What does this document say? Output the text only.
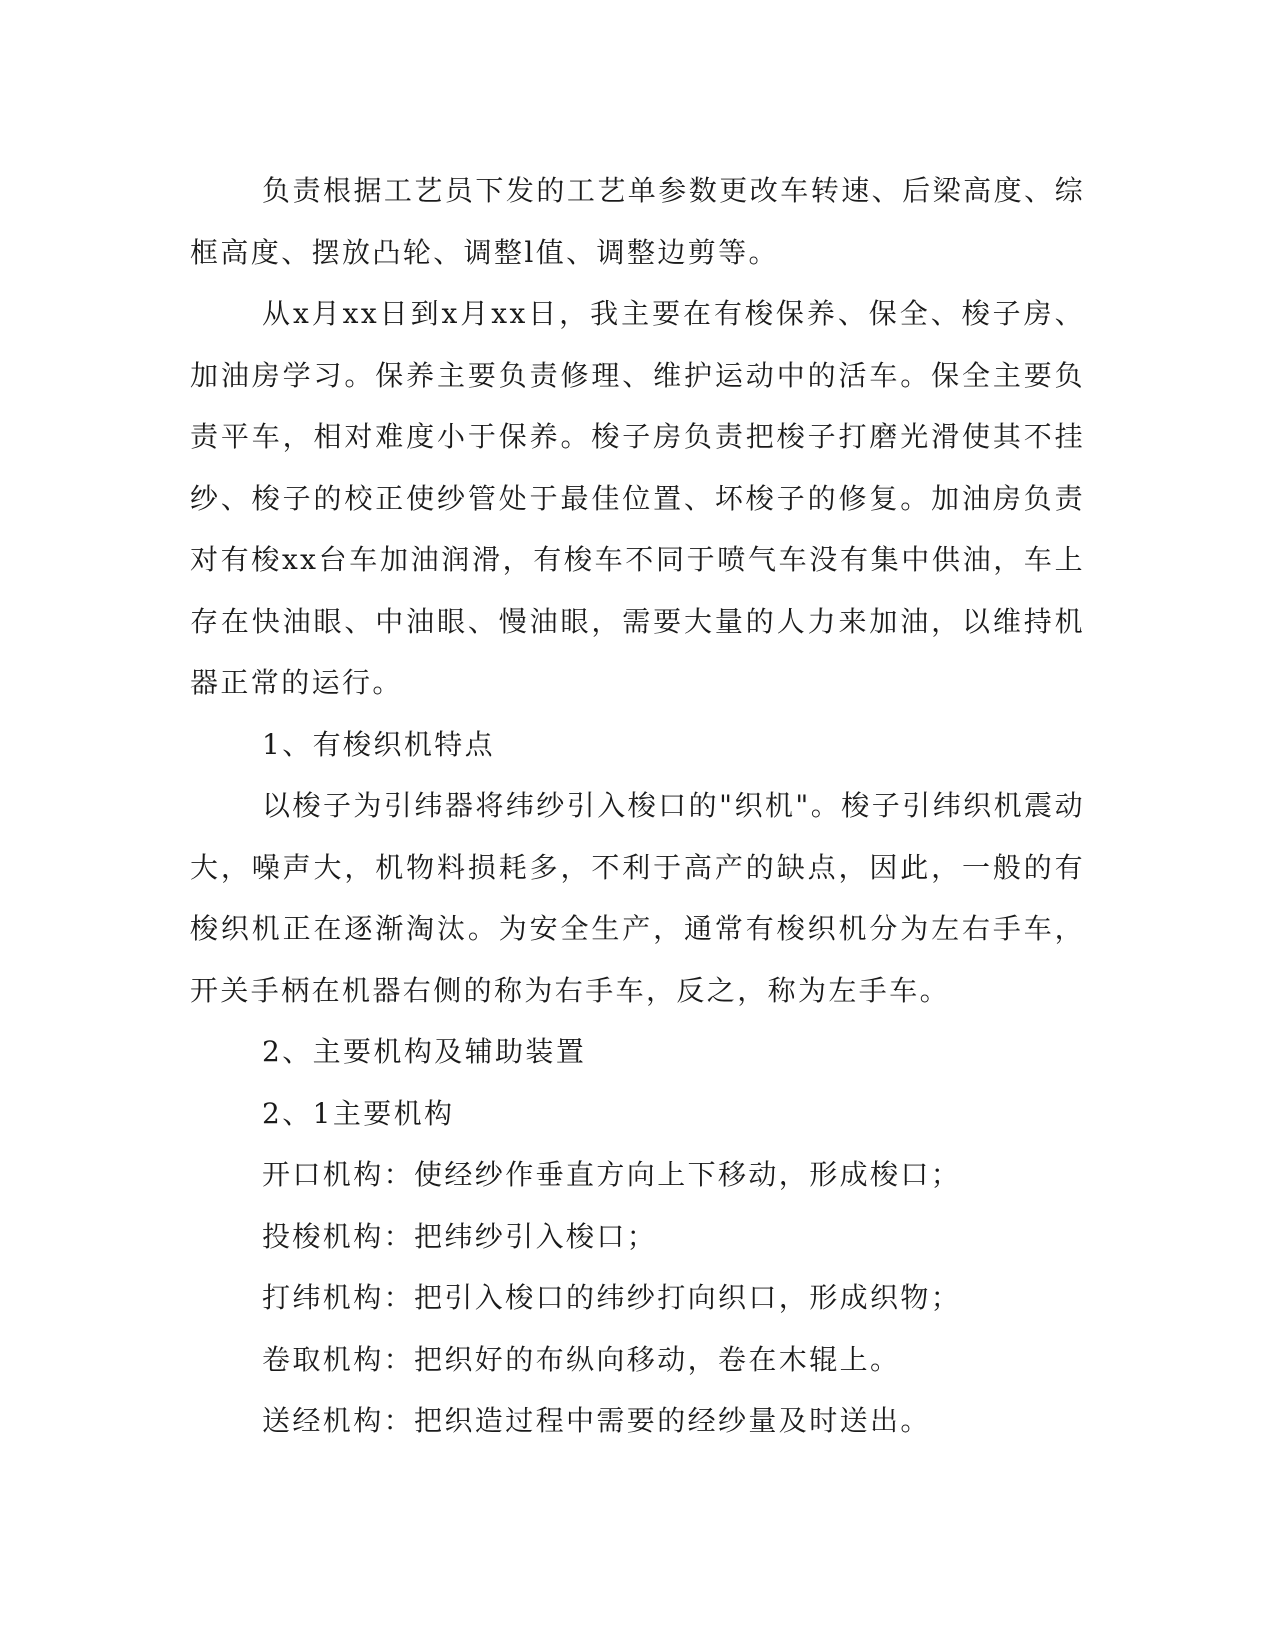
负责根据工艺员下发的工艺单参数更改车转速、后梁高度、综框高度、摆放凸轮、调整l值、调整边剪等。

从x月xx日到x月xx日，我主要在有梭保养、保全、梭子房、加油房学习。保养主要负责修理、维护运动中的活车。保全主要负责平车，相对难度小于保养。梭子房负责把梭子打磨光滑使其不挂纱、梭子的校正使纱管处于最佳位置、坏梭子的修复。加油房负责对有梭xx台车加油润滑，有梭车不同于喷气车没有集中供油，车上存在快油眼、中油眼、慢油眼，需要大量的人力来加油，以维持机器正常的运行。

1、有梭织机特点

以梭子为引纬器将纬纱引入梭口的"织机"。梭子引纬织机震动大，噪声大，机物料损耗多，不利于高产的缺点，因此，一般的有梭织机正在逐渐淘汰。为安全生产，通常有梭织机分为左右手车，开关手柄在机器右侧的称为右手车，反之，称为左手车。

2、主要机构及辅助装置

2、1主要机构

开口机构：使经纱作垂直方向上下移动，形成梭口；

投梭机构：把纬纱引入梭口；

打纬机构：把引入梭口的纬纱打向织口，形成织物；

卷取机构：把织好的布纵向移动，卷在木辊上。

送经机构：把织造过程中需要的经纱量及时送出。
